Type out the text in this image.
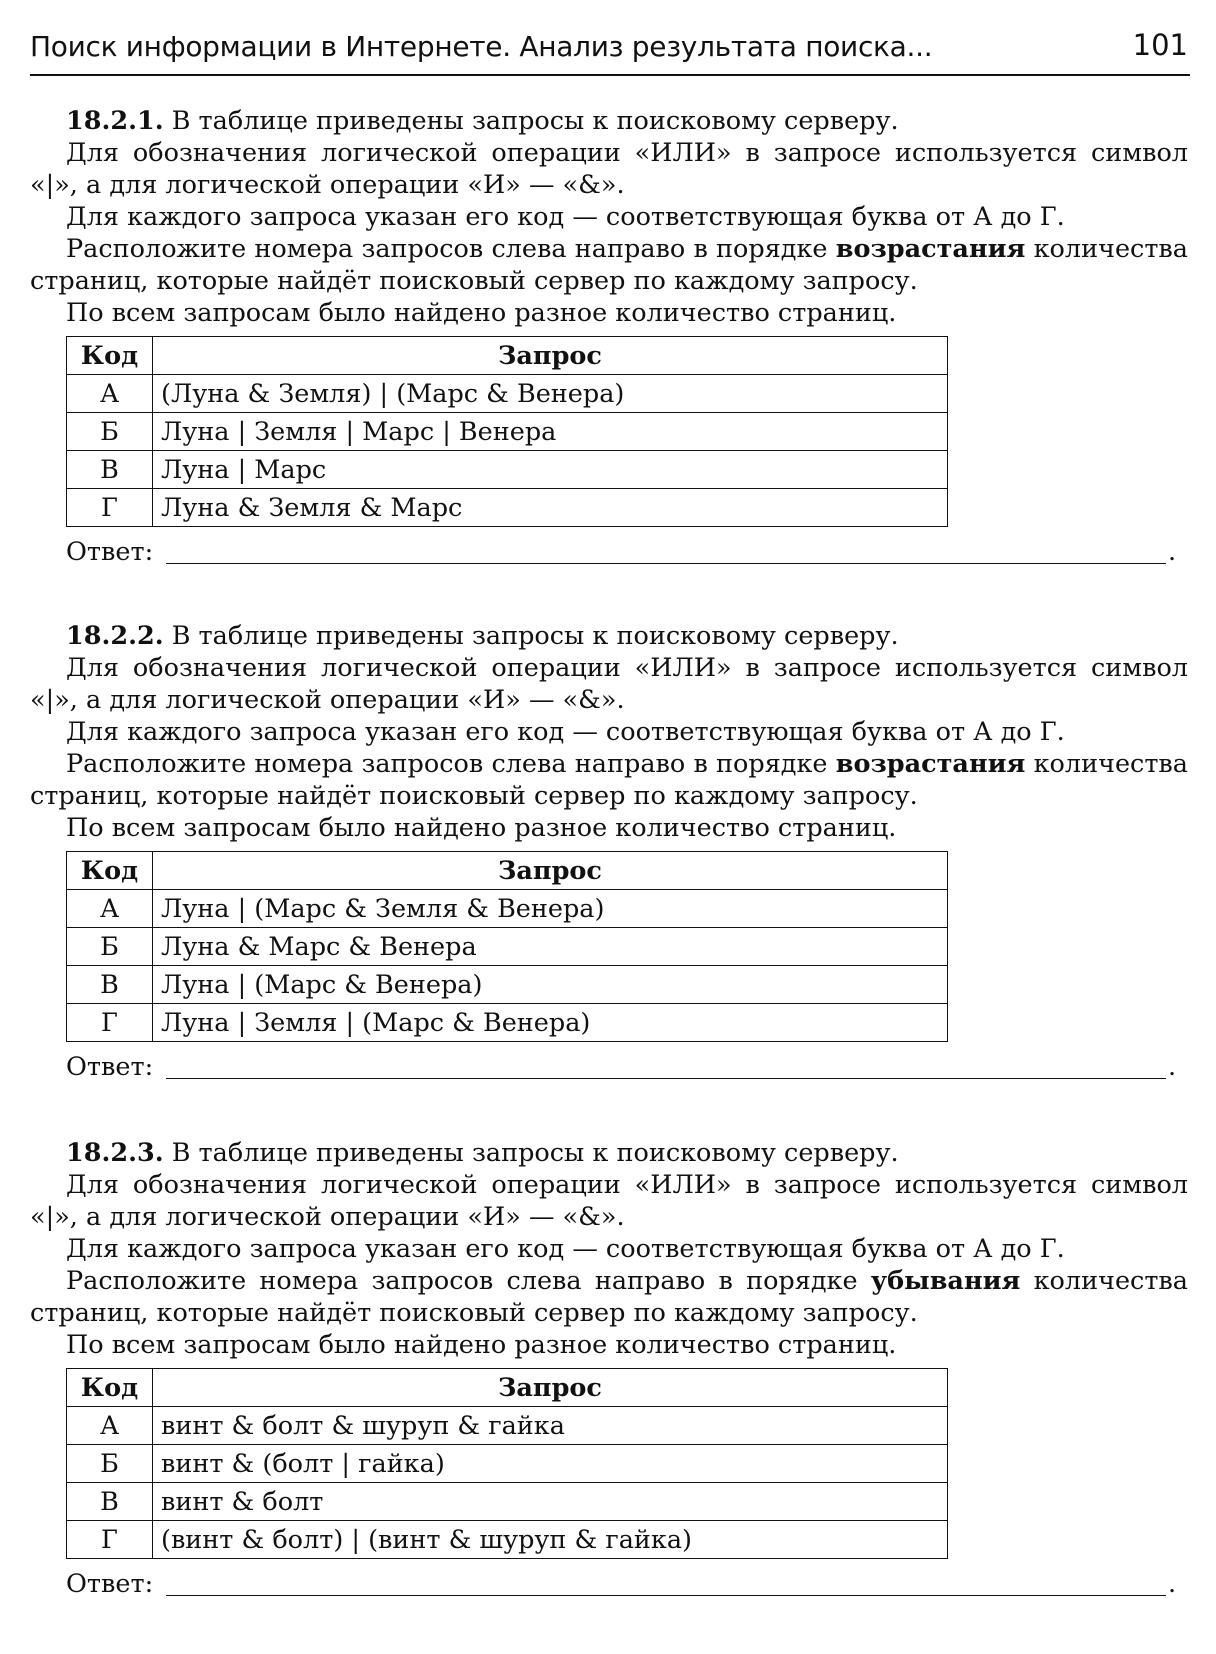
Поиск информации в Интернете. Анализ результата поиска...	101

18.2.1. В таблице приведены запросы к поисковому серверу.

Для обозначения логической операции «ИЛИ» в запросе используется символ «|», а для логической операции «И» — «&».

Для каждого запроса указан его код — соответствующая буква от А до Г.

Расположите номера запросов слева направо в порядке возрастания количества страниц, которые найдёт поисковый сервер по каждому запросу.

По всем запросам было найдено разное количество страниц.

Код	Запрос
А	(Луна & Земля) | (Марс & Венера)
Б	Луна | Земля | Марс | Венера
В	Луна | Марс
Г	Луна & Земля & Марс
Ответ:	.

18.2.2. В таблице приведены запросы к поисковому серверу.

Для обозначения логической операции «ИЛИ» в запросе используется символ «|», а для логической операции «И» — «&».

Для каждого запроса указан его код — соответствующая буква от А до Г.

Расположите номера запросов слева направо в порядке возрастания количества страниц, которые найдёт поисковый сервер по каждому запросу.

По всем запросам было найдено разное количество страниц.

Код	Запрос
А	Луна | (Марс & Земля & Венера)
Б	Луна & Марс & Венера
В	Луна | (Марс & Венера)
Г	Луна | Земля | (Марс & Венера)
Ответ:	.

18.2.3. В таблице приведены запросы к поисковому серверу.

Для обозначения логической операции «ИЛИ» в запросе используется символ «|», а для логической операции «И» — «&».

Для каждого запроса указан его код — соответствующая буква от А до Г.

Расположите номера запросов слева направо в порядке убывания количества страниц, которые найдёт поисковый сервер по каждому запросу.

По всем запросам было найдено разное количество страниц.

Код	Запрос
А	винт & болт & шуруп & гайка
Б	винт & (болт | гайка)
В	винт & болт
Г	(винт & болт) | (винт & шуруп & гайка)
Ответ:	.
